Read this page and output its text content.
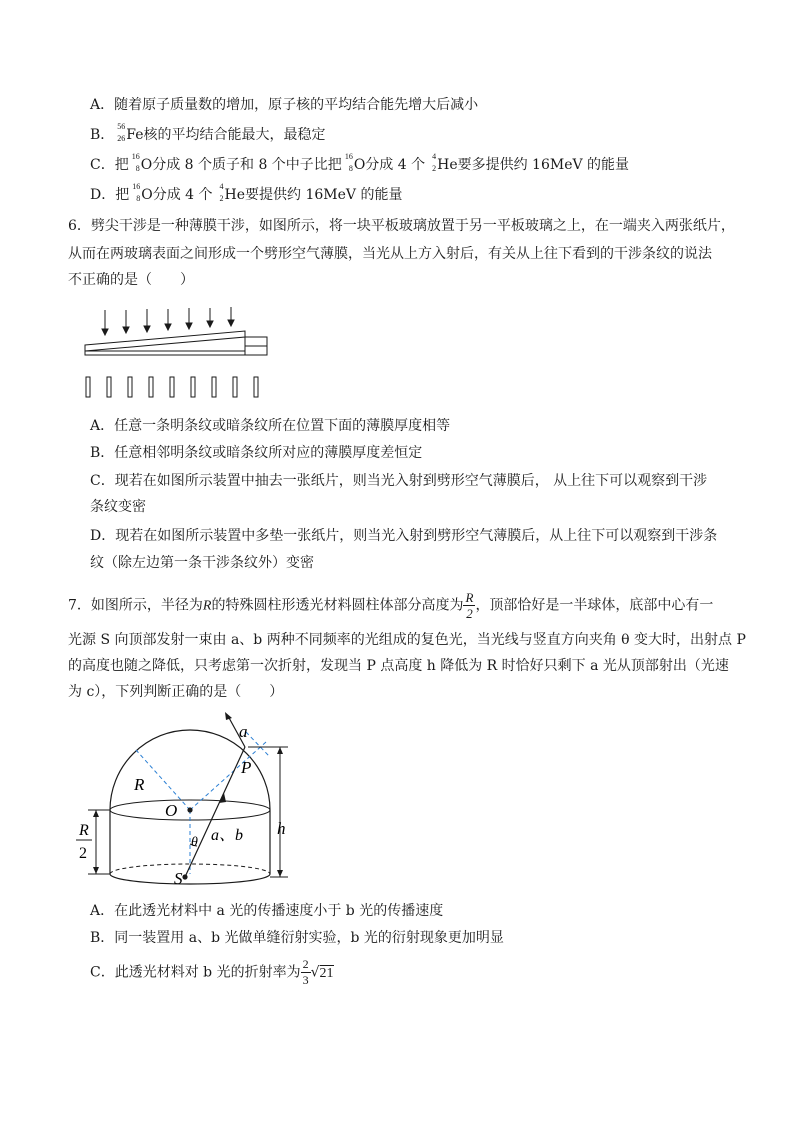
A．随着原子质量数的增加，原子核的平均结合能先增大后减小
B．
56
26 Fe核的平均结合能最大，最稳定
C．把
16
8 O分成 8 个质子和 8 个中子比把
16
8 O分成 4 个
4
2 He要多提供约 16MeV 的能量
D．把
16
8 O分成 4 个
4
2 He要提供约 16MeV 的能量
6．劈尖干涉是一种薄膜干涉，如图所示，将一块平板玻璃放置于另一平板玻璃之上，在一端夹入两张纸片，
从而在两玻璃表面之间形成一个劈形空气薄膜，当光从上方入射后，有关从上往下看到的干涉条纹的说法
不正确的是（　　）
A．任意一条明条纹或暗条纹所在位置下面的薄膜厚度相等
B．任意相邻明条纹或暗条纹所对应的薄膜厚度差恒定
C．现若在如图所示装置中抽去一张纸片，则当光入射到劈形空气薄膜后， 从上往下可以观察到干涉
条纹变密
D．现若在如图所示装置中多垫一张纸片，则当光入射到劈形空气薄膜后，从上往下可以观察到干涉条
纹（除左边第一条干涉条纹外）变密
7．如图所示，半径为R的特殊圆柱形透光材料圆柱体部分高度为 $\frac{R}{2}$ ，顶部恰好是一半球体，底部中心有一
光源 S 向顶部发射一束由 a、b 两种不同频率的光组成的复色光，当光线与竖直方向夹角 θ 变大时，出射点 P
的高度也随之降低，只考虑第一次折射，发现当 P 点高度 h 降低为 R 时恰好只剩下 a 光从顶部射出（光速
为 c），下列判断正确的是（　　）
R
P
O
S
a
θ a、b h
R
2
A．在此透光材料中 a 光的传播速度小于 b 光的传播速度
B．同一装置用 a、b 光做单缝衍射实验，b 光的衍射现象更加明显
C．此透光材料对 b 光的折射率为 $\frac{2}{3} √21$
